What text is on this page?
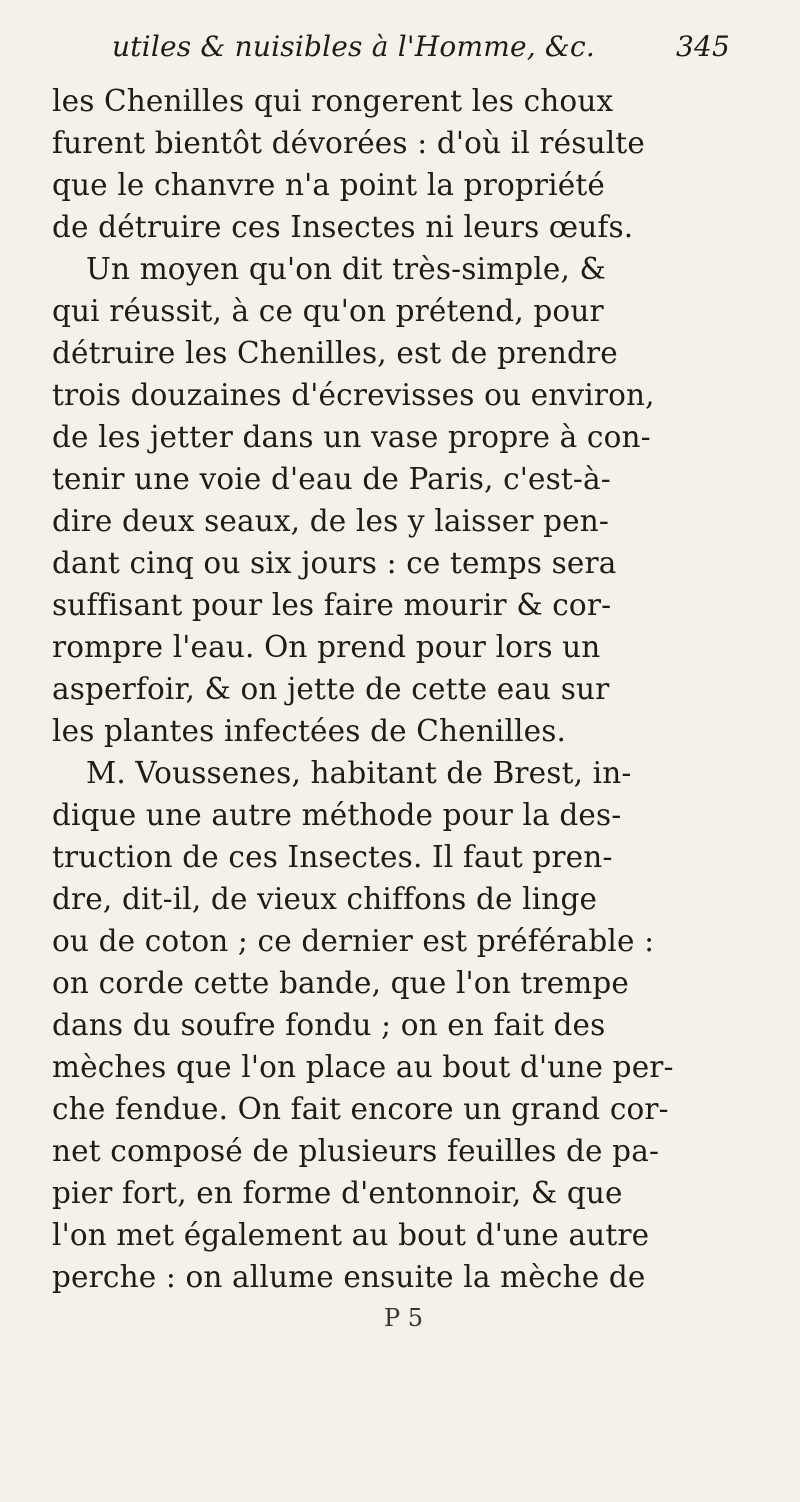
utiles & nuisibles à l'Homme, &c.	345
les Chenilles qui rongerent les choux
furent bientôt dévorées : d'où il résulte
que le chanvre n'a point la propriété
de détruire ces Insectes ni leurs œufs.
Un moyen qu'on dit très-simple, &
qui réussit, à ce qu'on prétend, pour
détruire les Chenilles, est de prendre
trois douzaines d'écrevisses ou environ,
de les jetter dans un vase propre à con-
tenir une voie d'eau de Paris, c'est-à-
dire deux seaux, de les y laisser pen-
dant cinq ou six jours : ce temps sera
suffisant pour les faire mourir & cor-
rompre l'eau. On prend pour lors un
asperfoir, & on jette de cette eau sur
les plantes infectées de Chenilles.
M. Voussenes, habitant de Brest, in-
dique une autre méthode pour la des-
truction de ces Insectes. Il faut pren-
dre, dit-il, de vieux chiffons de linge
ou de coton ; ce dernier est préférable :
on corde cette bande, que l'on trempe
dans du soufre fondu ; on en fait des
mèches que l'on place au bout d'une per-
che fendue. On fait encore un grand cor-
net composé de plusieurs feuilles de pa-
pier fort, en forme d'entonnoir, & que
l'on met également au bout d'une autre
perche : on allume ensuite la mèche de
P 5
